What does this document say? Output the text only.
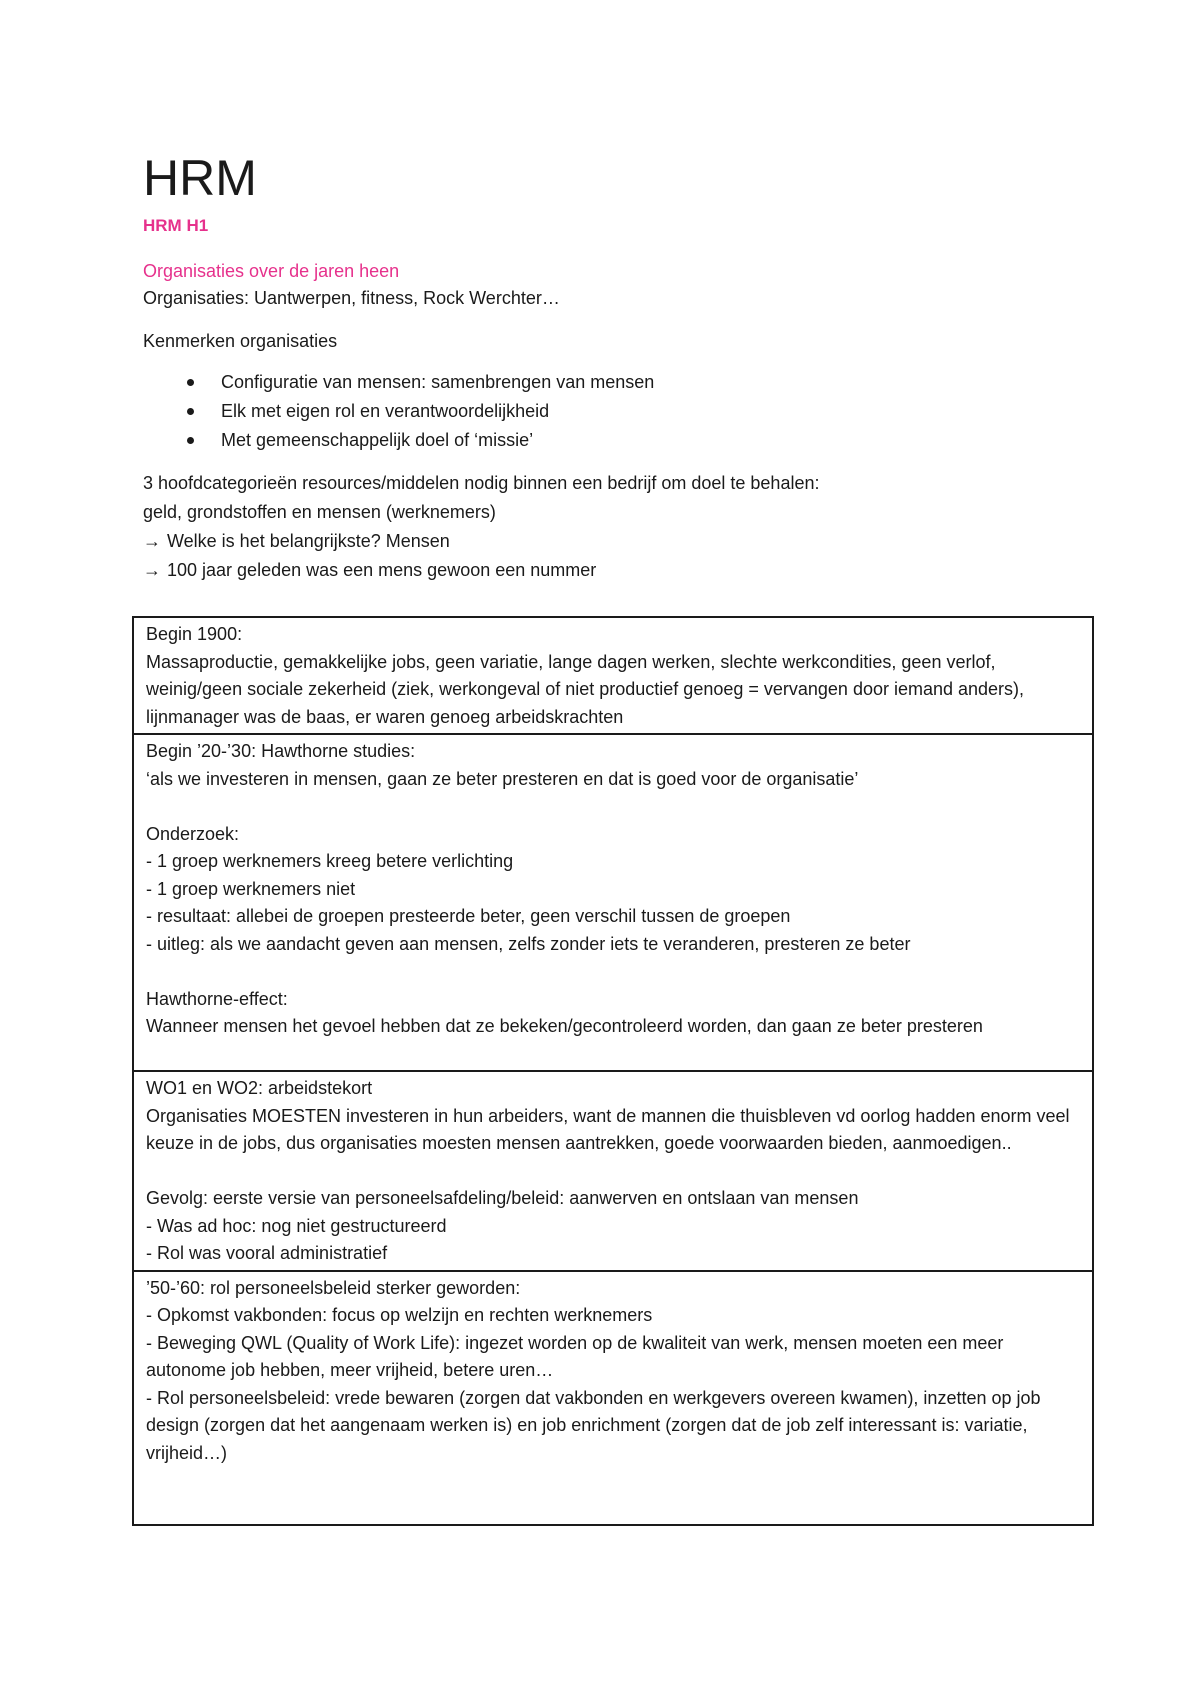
HRM
HRM H1
Organisaties over de jaren heen

Organisaties: Uantwerpen, fitness, Rock Werchter…

Kenmerken organisaties

Configuratie van mensen: samenbrengen van mensen
Elk met eigen rol en verantwoordelijkheid
Met gemeenschappelijk doel of ‘missie’

3 hoofdcategorieën resources/middelen nodig binnen een bedrijf om doel te behalen:

geld, grondstoffen en mensen (werknemers)

→ Welke is het belangrijkste? Mensen

→ 100 jaar geleden was een mens gewoon een nummer

Begin 1900:

Massaproductie, gemakkelijke jobs, geen variatie, lange dagen werken, slechte werkcondities, geen verlof, weinig/geen sociale zekerheid (ziek, werkongeval of niet productief genoeg = vervangen door iemand anders), lijnmanager was de baas, er waren genoeg arbeidskrachten

Begin ’20-’30: Hawthorne studies:

‘als we investeren in mensen, gaan ze beter presteren en dat is goed voor de organisatie’

Onderzoek:

- 1 groep werknemers kreeg betere verlichting

- 1 groep werknemers niet

- resultaat: allebei de groepen presteerde beter, geen verschil tussen de groepen

- uitleg: als we aandacht geven aan mensen, zelfs zonder iets te veranderen, presteren ze beter

Hawthorne-effect:

Wanneer mensen het gevoel hebben dat ze bekeken/gecontroleerd worden, dan gaan ze beter presteren

WO1 en WO2: arbeidstekort

Organisaties MOESTEN investeren in hun arbeiders, want de mannen die thuisbleven vd oorlog hadden enorm veel keuze in de jobs, dus organisaties moesten mensen aantrekken, goede voorwaarden bieden, aanmoedigen..

Gevolg: eerste versie van personeelsafdeling/beleid: aanwerven en ontslaan van mensen

- Was ad hoc: nog niet gestructureerd

- Rol was vooral administratief

’50-’60: rol personeelsbeleid sterker geworden:

- Opkomst vakbonden: focus op welzijn en rechten werknemers

- Beweging QWL (Quality of Work Life): ingezet worden op de kwaliteit van werk, mensen moeten een meer autonome job hebben, meer vrijheid, betere uren…

- Rol personeelsbeleid: vrede bewaren (zorgen dat vakbonden en werkgevers overeen kwamen), inzetten op job design (zorgen dat het aangenaam werken is) en job enrichment (zorgen dat de job zelf interessant is: variatie, vrijheid…)
